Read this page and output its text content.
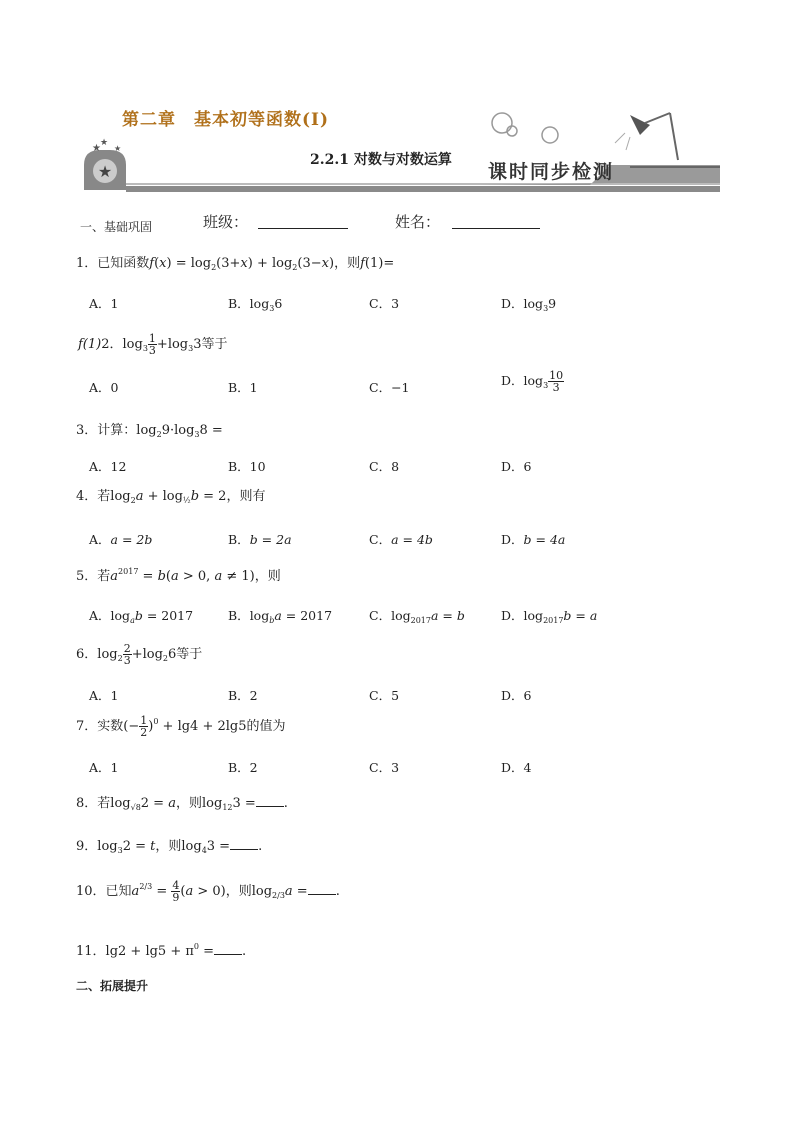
★
★ ★
★
第二章　基本初等函数(Ⅰ)
2.2.1 对数与对数运算
课时同步检测
一、基础巩固	班级：	姓名：
1．已知函数$f(x) = \log_2(3+x) + \log_2(3-x)$，则f(1)=
A．1	B．$\log_36$	C．3	D．$\log_39$
f(1)2．$\log_3 \frac{1}{3} +\log_33$等于
A．0	B．1	C．−1	D．$\log_3 \frac{10}{3}$
3．计算：$\log_29\cdot\log_38$ =
A．12	B．10	C．8	D．6
4．若$\log_2a + \log_{\frac{1}{2}}b = 2$，则有
A．a = 2b	B．b = 2a	C．a = 4b	D．b = 4a
5．若$a^{2017} = b(a > 0$, a ≠ 1)，则
A．$\log_ab = 2017$	B．$\log_ba = 2017$	C．$\log_{2017}a = b$	D．$\log_{2017}b = a$
6．$\log_2 \frac{2}{3} +\log_26$等于
A．1	B．2	C．5	D．6
7．实数(− $\frac{1}{2} )^0 + \lg 4 + 2\lg 5$的值为
A．1	B．2	C．3	D．4
8．若$\log_{√8}2 = a$，则$\log_{12}3$ = .
9．$\log_32 = t$，则$\log_43$ = .
10．已知$a^{2/3} = \frac{4}{9} (a > 0)$，则$\log_{2/3}a$ = .
11．$\lg 2 + \lg 5 + \pi^0$ = .
二、拓展提升
